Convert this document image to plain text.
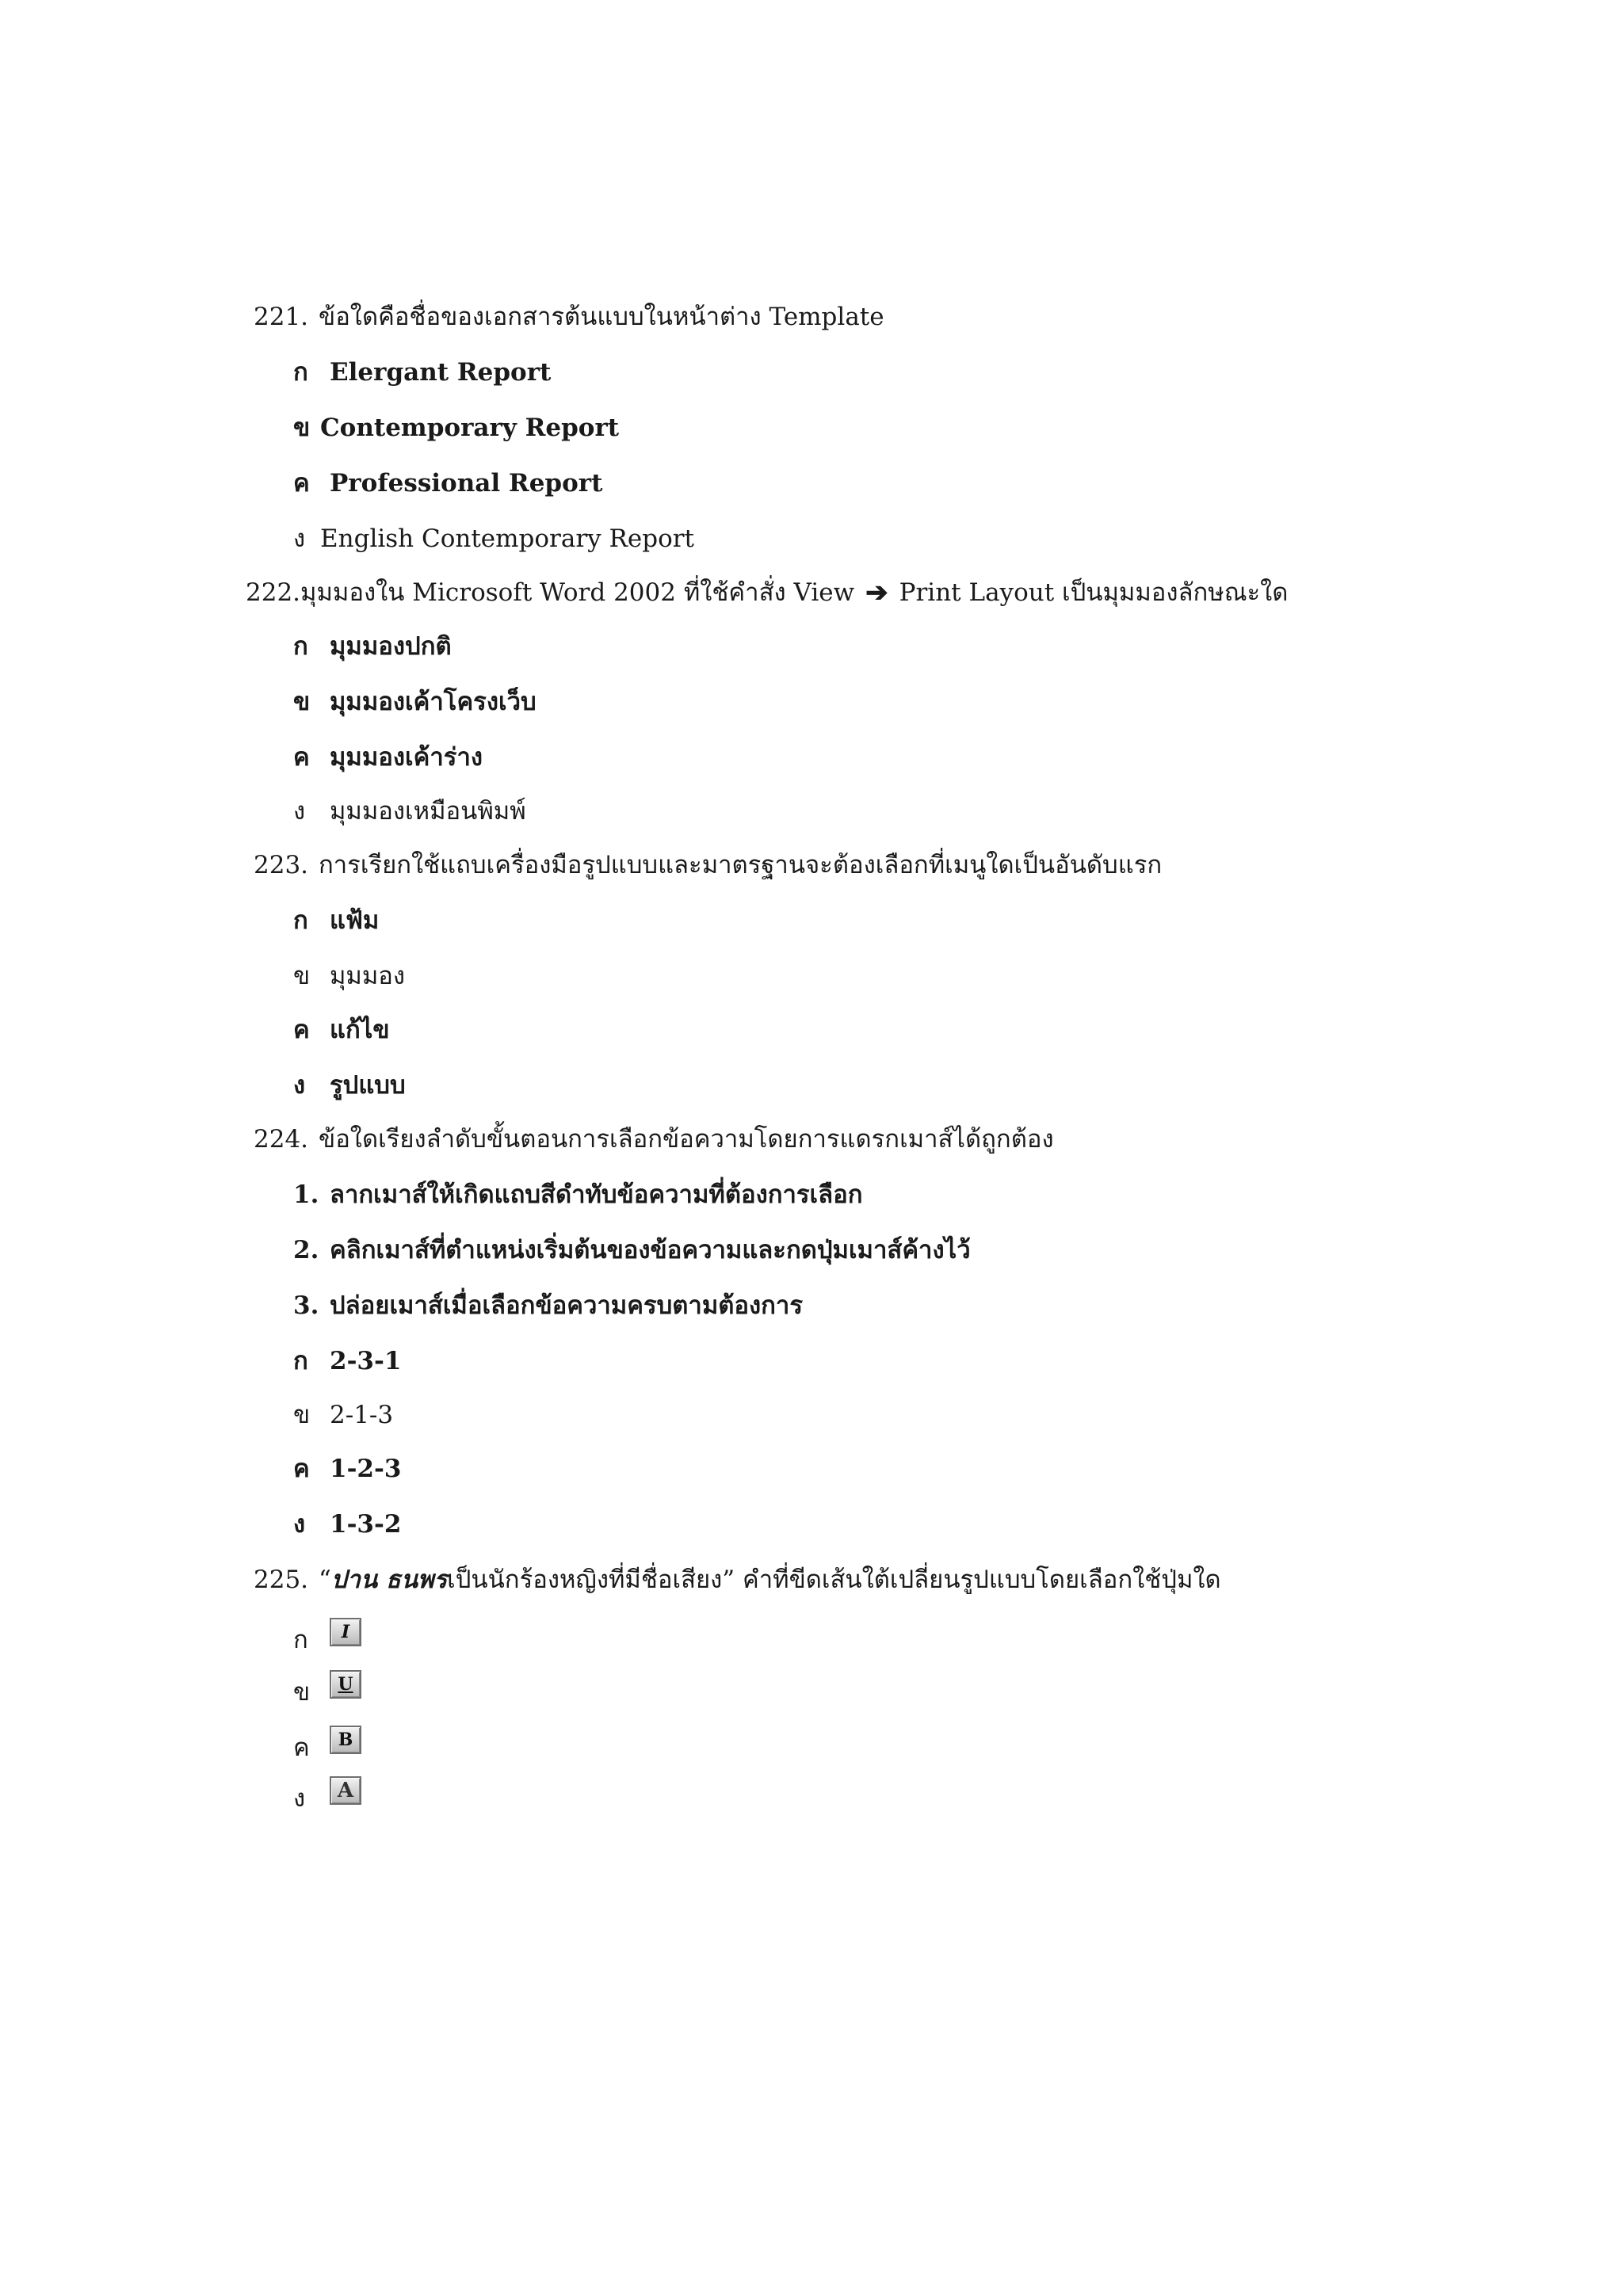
221. ข้อใดคือชื่อของเอกสารต้นแบบในหน้าต่าง Template
ก Elergant Report
ข Contemporary Report
ค Professional Report
ง English Contemporary Report
222. มุมมองใน Microsoft Word 2002 ที่ใช้คำสั่ง View ➔ Print Layout เป็นมุมมองลักษณะใด
ก มุมมองปกติ
ข มุมมองเค้าโครงเว็บ
ค มุมมองเค้าร่าง
ง มุมมองเหมือนพิมพ์
223. การเรียกใช้แถบเครื่องมือรูปแบบและมาตรฐานจะต้องเลือกที่เมนูใดเป็นอันดับแรก
ก แฟ้ม
ข มุมมอง
ค แก้ไข
ง รูปแบบ
224. ข้อใดเรียงลำดับขั้นตอนการเลือกข้อความโดยการแดรกเมาส์ได้ถูกต้อง
1. ลากเมาส์ให้เกิดแถบสีดำทับข้อความที่ต้องการเลือก
2. คลิกเมาส์ที่ตำแหน่งเริ่มต้นของข้อความและกดปุ่มเมาส์ค้างไว้
3. ปล่อยเมาส์เมื่อเลือกข้อความครบตามต้องการ
ก 2-3-1
ข 2-1-3
ค 1-2-3
ง 1-3-2
225. “ ปาน ธนพร เป็นนักร้องหญิงที่มีชื่อเสียง” คำที่ขีดเส้นใต้เปลี่ยนรูปแบบโดยเลือกใช้ปุ่มใด
ก	I
ข	U
ค	B
ง	A
